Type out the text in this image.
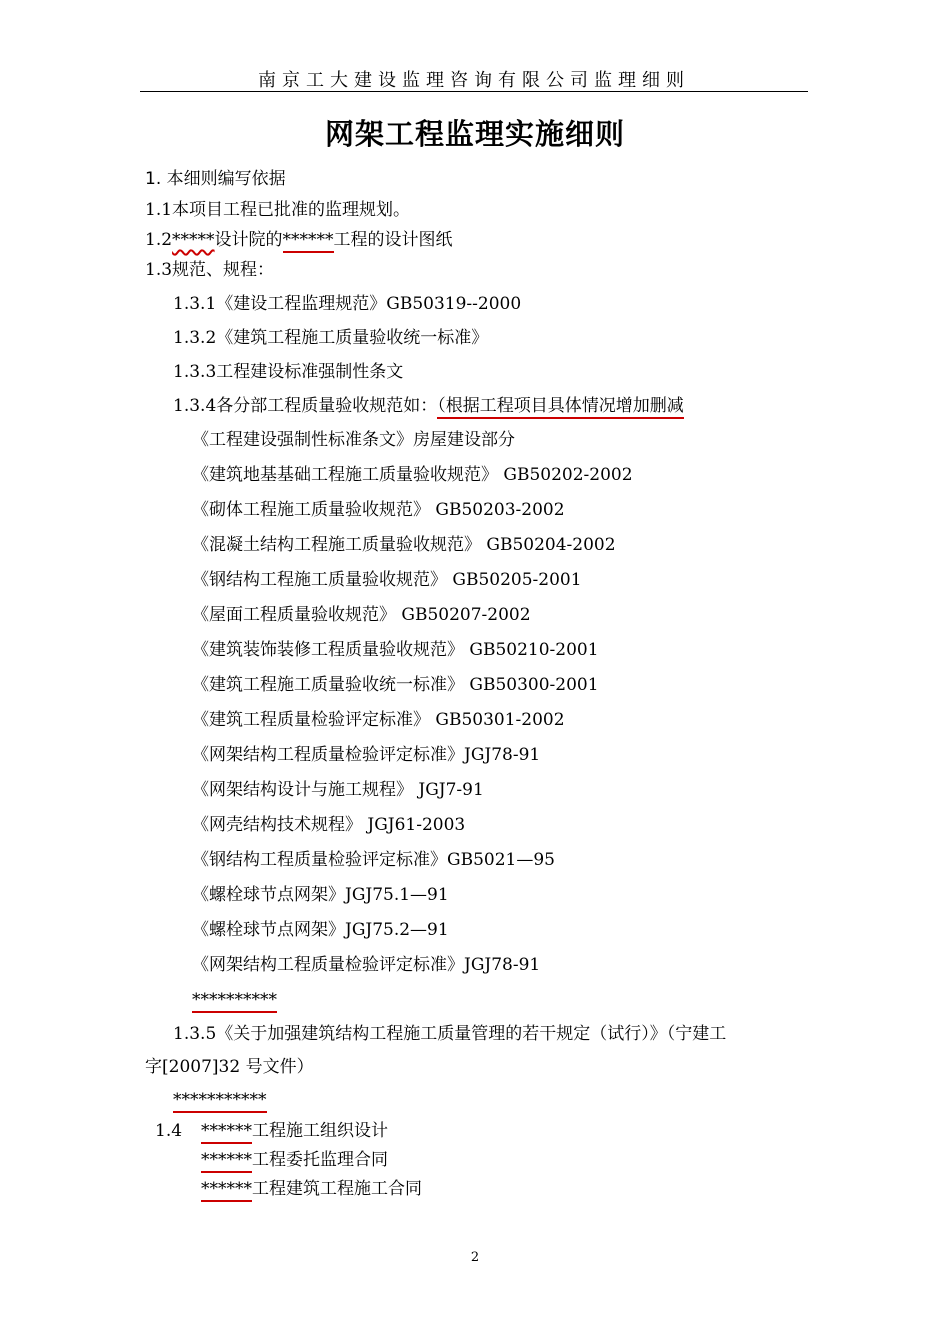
南京工大建设监理咨询有限公司监理细则
网架工程监理实施细则
1. 本细则编写依据
1.1本项目工程已批准的监理规划。
1.2*****设计院的******工程的设计图纸
1.3规范、规程：
1.3.1《建设工程监理规范》GB50319--2000
1.3.2《建筑工程施工质量验收统一标准》
1.3.3工程建设标准强制性条文
1.3.4各分部工程质量验收规范如：（根据工程项目具体情况增加删减
《工程建设强制性标准条文》房屋建设部分
《建筑地基基础工程施工质量验收规范》 GB50202-2002
《砌体工程施工质量验收规范》 GB50203-2002
《混凝土结构工程施工质量验收规范》 GB50204-2002
《钢结构工程施工质量验收规范》 GB50205-2001
《屋面工程质量验收规范》 GB50207-2002
《建筑装饰装修工程质量验收规范》 GB50210-2001
《建筑工程施工质量验收统一标准》 GB50300-2001
《建筑工程质量检验评定标准》 GB50301-2002
《网架结构工程质量检验评定标准》JGJ78-91
《网架结构设计与施工规程》 JGJ7-91
《网壳结构技术规程》 JGJ61-2003
《钢结构工程质量检验评定标准》GB5021—95
《螺栓球节点网架》JGJ75.1—91
《螺栓球节点网架》JGJ75.2—91
《网架结构工程质量检验评定标准》JGJ78-91
**********
1.3.5《关于加强建筑结构工程施工质量管理的若干规定（试行）》（宁建工
字[2007]32 号文件）
***********
1.4 ******工程施工组织设计
******工程委托监理合同
******工程建筑工程施工合同
2
